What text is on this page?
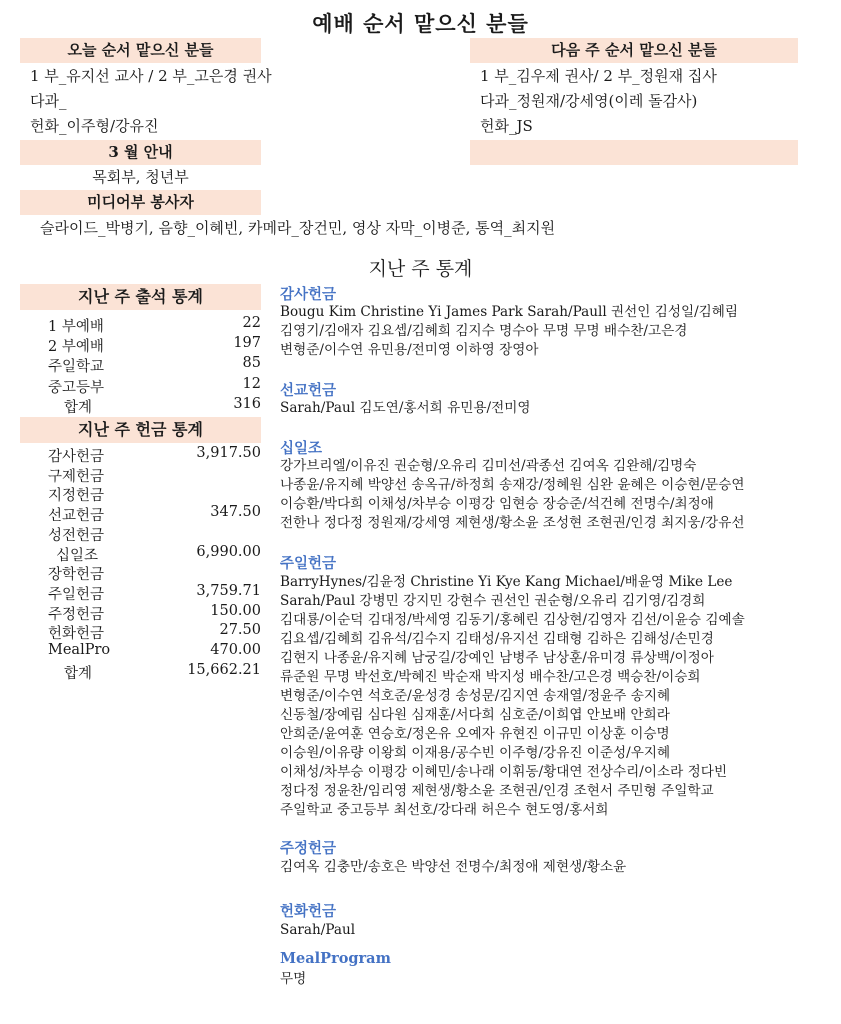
예배 순서 맡으신 분들
오늘 순서 맡으신 분들
1 부_유지선 교사 / 2 부_고은경 권사
다과_
헌화_이주형/강유진
다음 주 순서 맡으신 분들
1 부_김우제 권사/ 2 부_정원재 집사
다과_정원재/강세영(이레 돌감사)
헌화_JS
3 월 안내
목회부, 청년부
미디어부 봉사자
슬라이드_박병기, 음향_이혜빈, 카메라_장건민, 영상 자막_이병준, 통역_최지원
지난 주 통계
지난 주 출석 통계
1 부예배	22
2 부예배	197
주일학교	85
중고등부	12
합계	316
지난 주 헌금 통계
감사헌금	3,917.50
구제헌금
지정헌금
선교헌금	347.50
성전헌금
십일조	6,990.00
장학헌금
주일헌금	3,759.71
주정헌금	150.00
헌화헌금	27.50
MealPro	470.00
합계	15,662.21
감사헌금
Bougu Kim Christine Yi James Park Sarah/Paull 권선인 김성일/김혜림
김영기/김애자 김요셉/김혜희 김지수 명수아 무명 무명 배수찬/고은경
변형준/이수연 유민용/전미영 이하영 장영아
선교헌금
Sarah/Paul 김도연/홍서희 유민용/전미영
십일조
강가브리엘/이유진 권순형/오유리 김미선/곽종선 김여옥 김완해/김명숙
나종윤/유지혜 박양선 송옥규/하정희 송재강/정혜원 심완 윤혜은 이승현/문승연
이승환/박다희 이채성/차부승 이평강 임현승 장승준/석건혜 전명수/최정애
전한나 정다정 정원재/강세영 제현생/황소윤 조성현 조현권/인경 최지웅/강유선
주일헌금
BarryHynes/김윤정 Christine Yi Kye Kang Michael/배윤영 Mike Lee
Sarah/Paul 강병민 강지민 강현수 권선인 권순형/오유리 김기영/김경희
김대룡/이순덕 김대정/박세영 김동기/홍혜린 김상현/김영자 김선/이윤승 김예솔
김요셉/김혜희 김유석/김수지 김태성/유지선 김태형 김하은 김해성/손민경
김현지 나종윤/유지혜 남궁길/강예인 남병주 남상훈/유미경 류상백/이정아
류준원 무명 박선호/박혜진 박순재 박지성 배수찬/고은경 백승찬/이승희
변형준/이수연 석호준/윤성경 송성문/김지연 송재열/정윤주 송지혜
신동철/장예림 심다원 심재훈/서다희 심호준/이희엽 안보배 안희라
안희준/윤여훈 연승호/정온유 오예자 유현진 이규민 이상훈 이승명
이승원/이유량 이왕희 이재용/공수빈 이주형/강유진 이준성/우지혜
이채성/차부승 이평강 이혜민/송나래 이휘동/황대연 전상수리/이소라 정다빈
정다정 정윤찬/임리영 제현생/황소윤 조현권/인경 조현서 주민형 주일학교
주일학교 중고등부 최선호/강다래 허은수 현도영/홍서희
주정헌금
김여옥 김충만/송호은 박양선 전명수/최정애 제현생/황소윤
헌화헌금
Sarah/Paul
MealProgram
무명
